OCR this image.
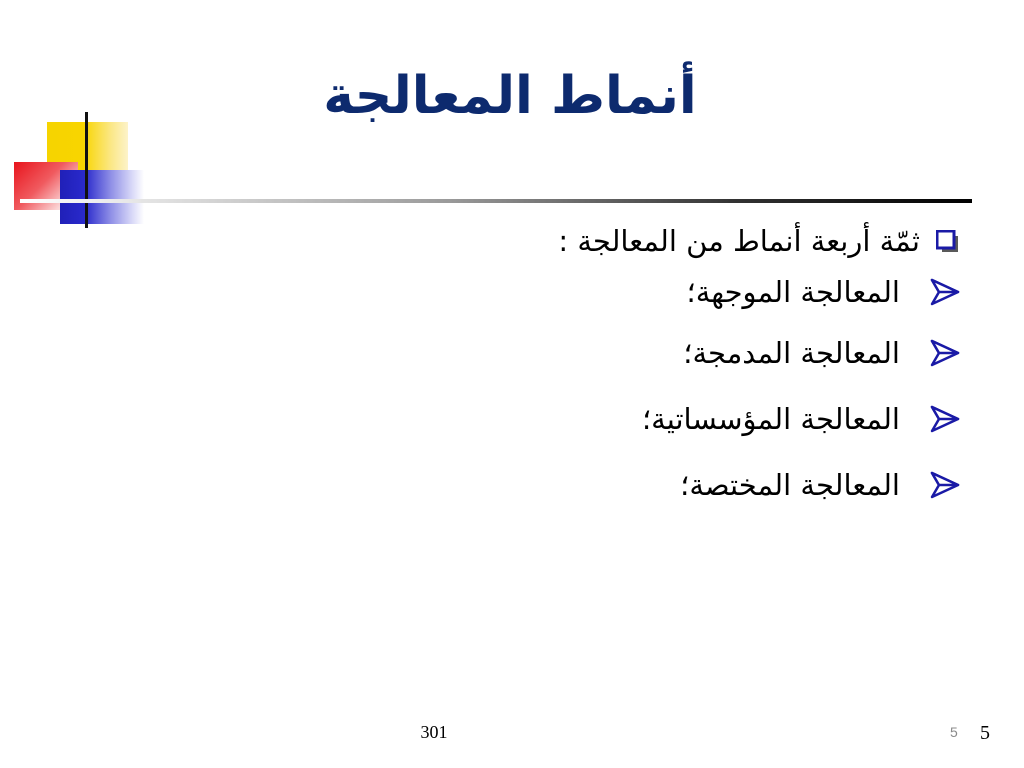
أنماط المعالجة
ثمّة أربعة أنماط من المعالجة :
المعالجة الموجهة؛
المعالجة المدمجة؛
المعالجة المؤسساتية؛
المعالجة المختصة؛
301	5 5
